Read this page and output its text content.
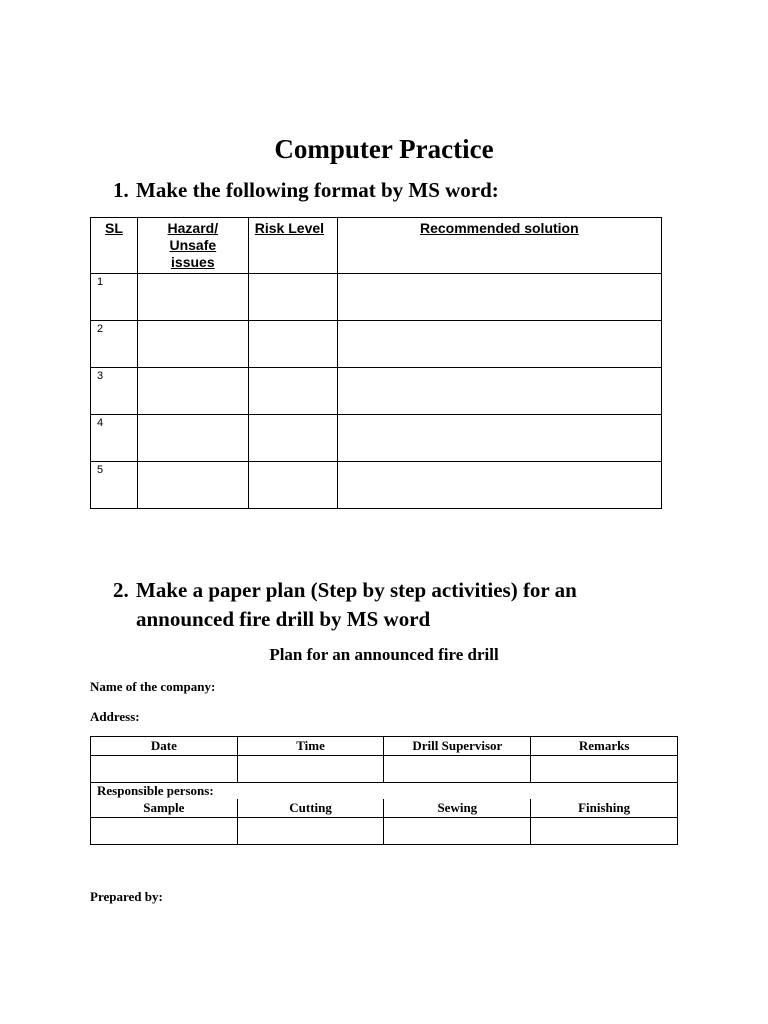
Computer Practice
1. Make the following format by MS word:
SL	Hazard/ Unsafe issues	Risk Level	Recommended solution
1			
2			
3			
4			
5			
2. Make a paper plan (Step by step activities) for an
announced fire drill by MS word
Plan for an announced fire drill
Name of the company:
Address:
Date	Time	Drill Supervisor	Remarks

Responsible persons:			
Sample	Cutting	Sewing	Finishing

Prepared by:
